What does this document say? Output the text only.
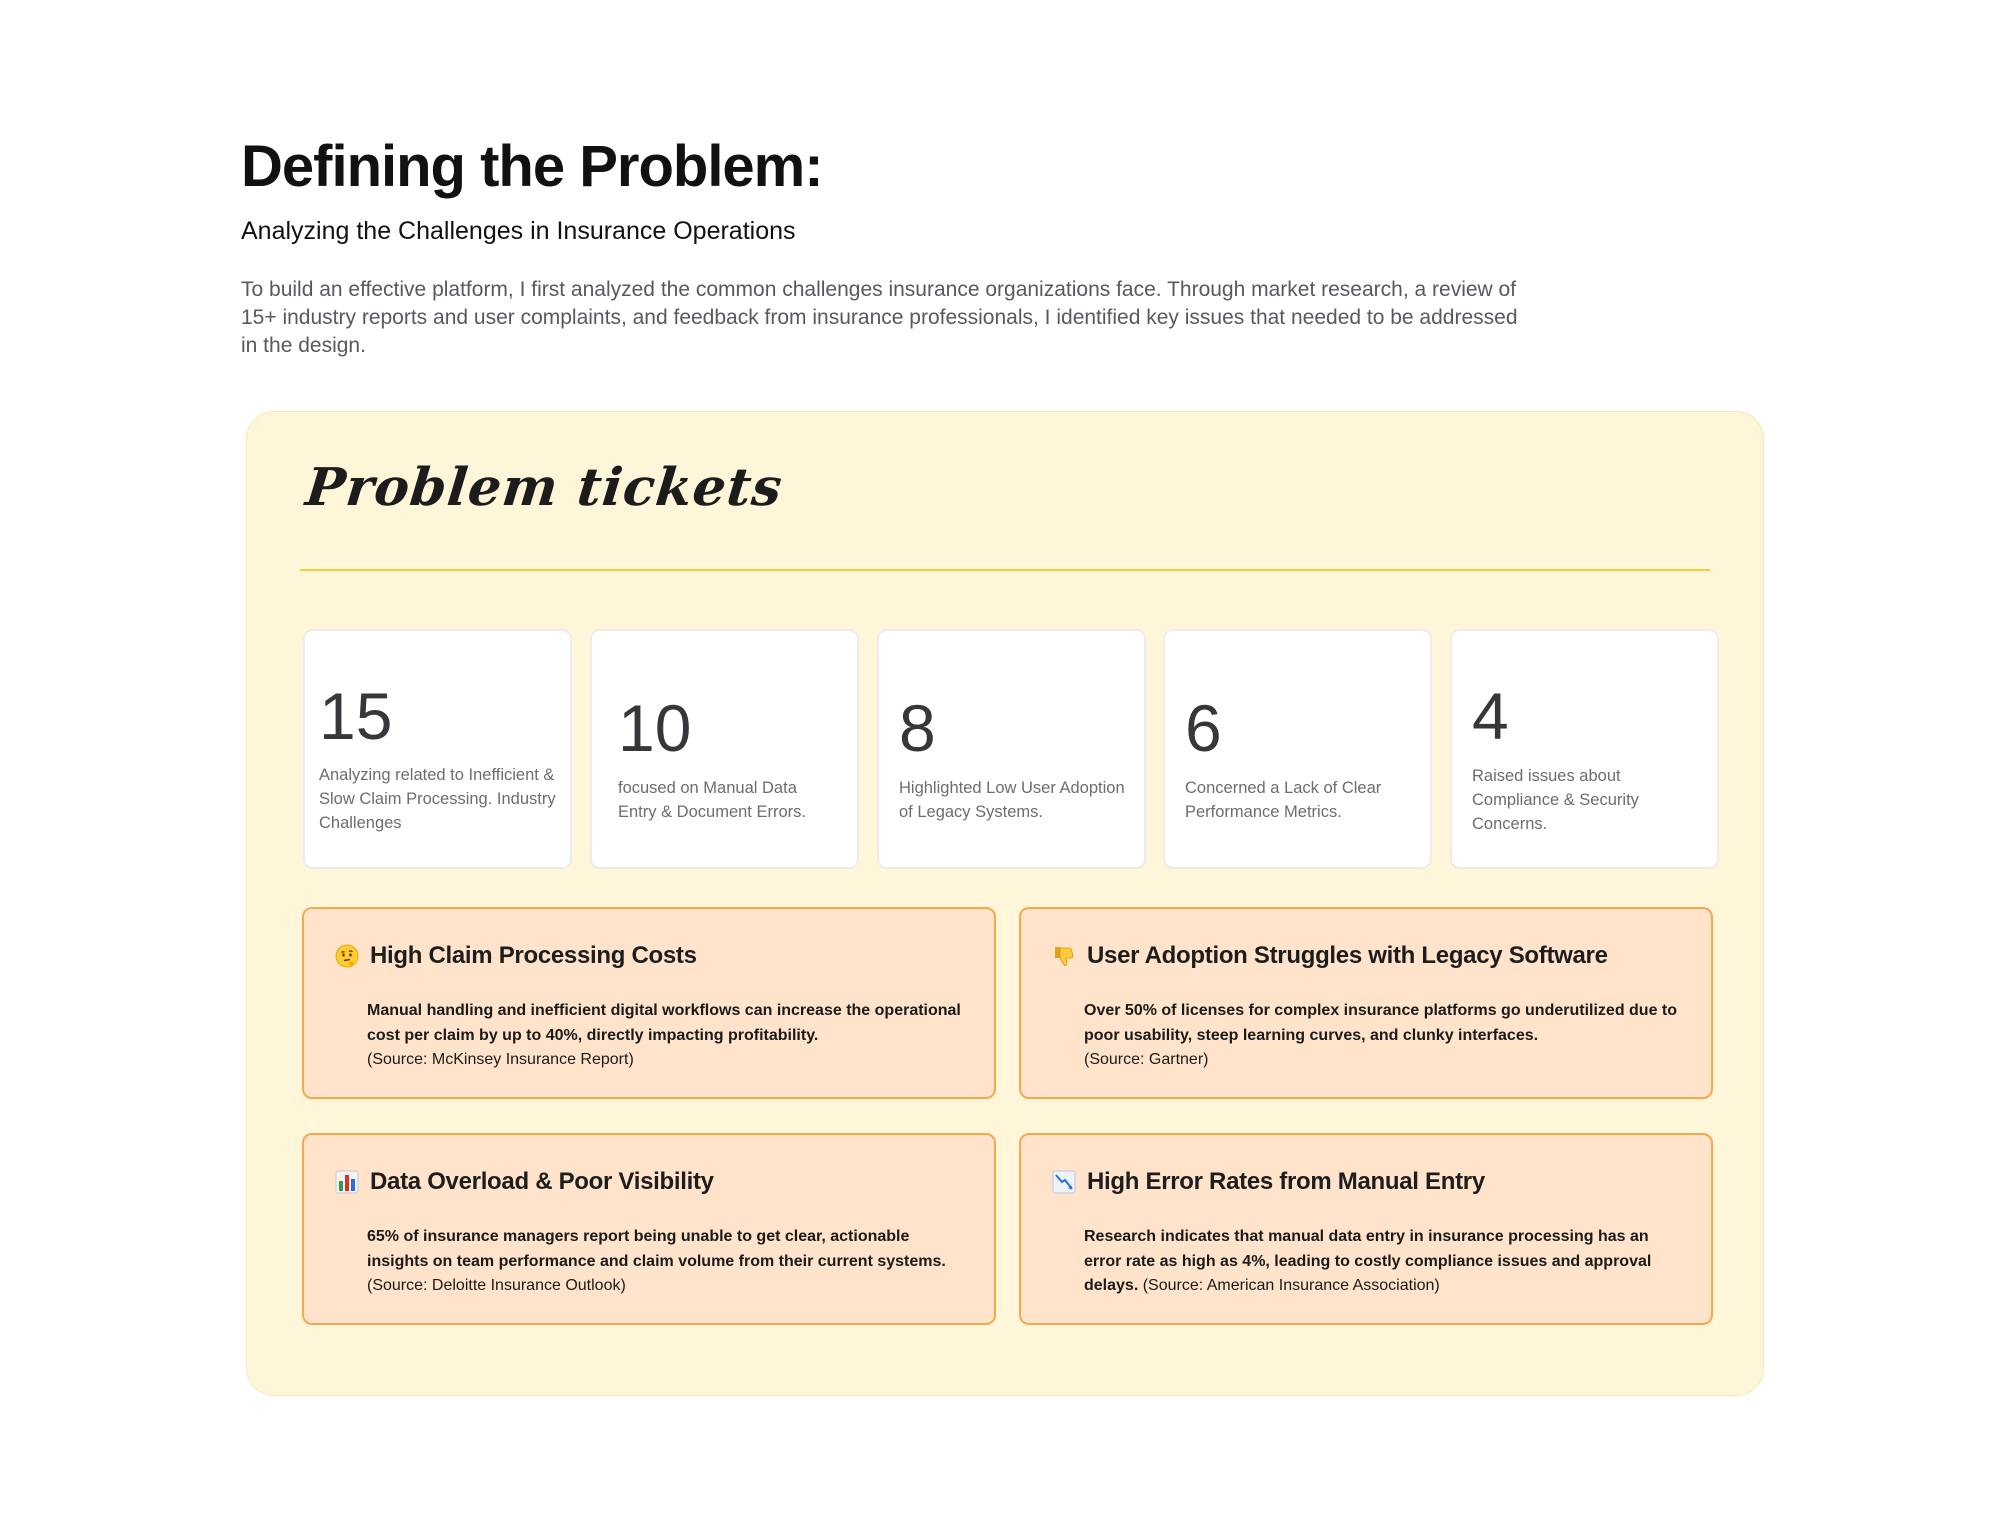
Defining the Problem:
Analyzing the Challenges in Insurance Operations

To build an effective platform, I first analyzed the common challenges insurance organizations face. Through market research, a review of 15+ industry reports and user complaints, and feedback from insurance professionals, I identified key issues that needed to be addressed in the design.

Problem tickets
15
Analyzing related to Inefficient & Slow Claim Processing. Industry Challenges
10
focused on Manual Data Entry & Document Errors.
8
Highlighted Low User Adoption of Legacy Systems.
6
Concerned a Lack of Clear Performance Metrics.
4
Raised issues about Compliance & Security Concerns.
High Claim Processing Costs
Manual handling and inefficient digital workflows can increase the operational cost per claim by up to 40%, directly impacting profitability.
(Source: McKinsey Insurance Report)
User Adoption Struggles with Legacy Software
Over 50% of licenses for complex insurance platforms go underutilized due to poor usability, steep learning curves, and clunky interfaces.
(Source: Gartner)
Data Overload & Poor Visibility
65% of insurance managers report being unable to get clear, actionable insights on team performance and claim volume from their current systems.  (Source: Deloitte Insurance Outlook)
High Error Rates from Manual Entry
Research indicates that manual data entry in insurance processing has an error rate as high as 4%, leading to costly compliance issues and approval delays. (Source: American Insurance Association)
